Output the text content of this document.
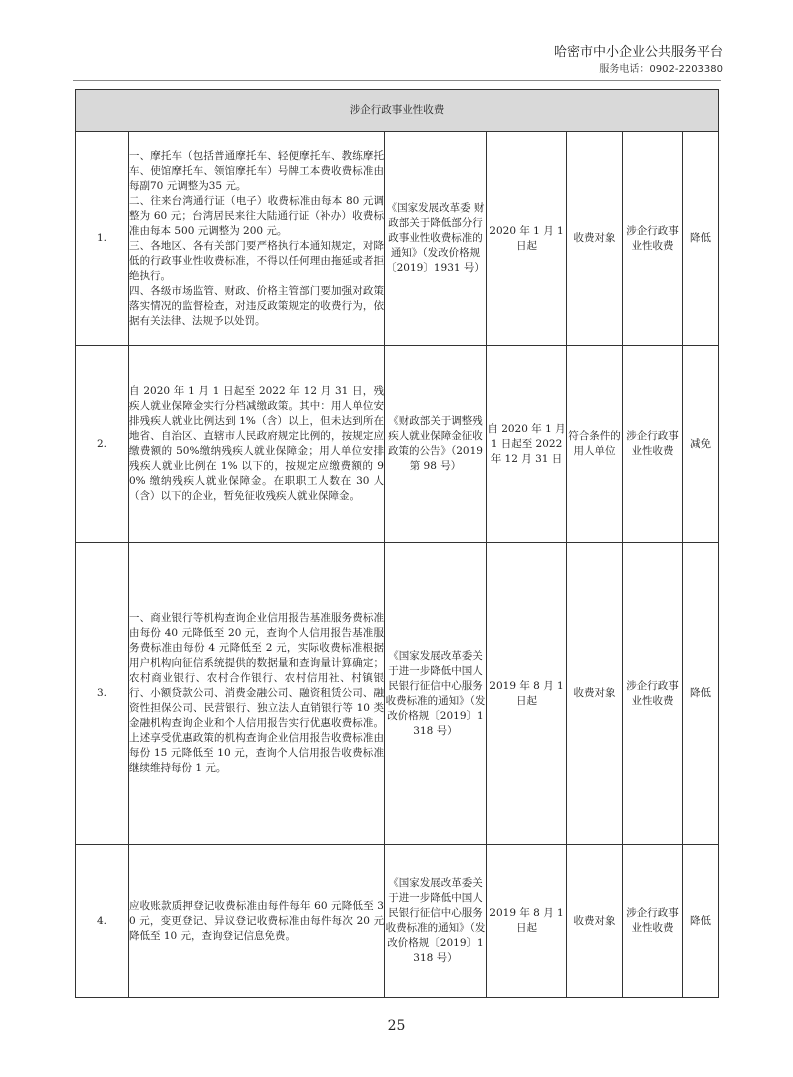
哈密市中小企业公共服务平台
服务电话：0902-2203380
涉企行政事业性收费						
1.	一、摩托车（包括普通摩托车、轻便摩托车、教练摩托车、使馆摩托车、领馆摩托车）号牌工本费收费标准由每副70 元调整为35 元。
二、往来台湾通行证（电子）收费标准由每本 80 元调整为 60 元；台湾居民来往大陆通行证（补办）收费标准由每本 500 元调整为 200 元。
三、各地区、各有关部门要严格执行本通知规定，对降低的行政事业性收费标准，不得以任何理由拖延或者拒绝执行。
四、各级市场监管、财政、价格主管部门要加强对政策落实情况的监督检查，对违反政策规定的收费行为，依据有关法律、法规予以处罚。	《国家发展改革委 财政部关于降低部分行政事业性收费标准的通知》（发改价格规〔2019〕1931 号）	2020 年 1 月 1 日起	收费对象	涉企行政事业性收费	降低
2.	自 2020 年 1 月 1 日起至 2022 年 12 月 31 日，残疾人就业保障金实行分档减缴政策。其中：用人单位安排残疾人就业比例达到 1%（含）以上，但未达到所在地省、自治区、直辖市人民政府规定比例的，按规定应缴费额的 50%缴纳残疾人就业保障金；用人单位安排残疾人就业比例在 1% 以下的，按规定应缴费额的 90% 缴纳残疾人就业保障金。在职职工人数在 30 人（含）以下的企业，暂免征收残疾人就业保障金。	《财政部关于调整残疾人就业保障金征收政策的公告》（2019 第 98 号）	自 2020 年 1 月 1 日起至 2022 年 12 月 31 日	符合条件的用人单位	涉企行政事业性收费	减免
3.	一、商业银行等机构查询企业信用报告基准服务费标准由每份 40 元降低至 20 元，查询个人信用报告基准服务费标准由每份 4 元降低至 2 元，实际收费标准根据用户机构向征信系统提供的数据量和查询量计算确定；农村商业银行、农村合作银行、农村信用社、村镇银行、小额贷款公司、消费金融公司、融资租赁公司、融资性担保公司、民营银行、独立法人直销银行等 10 类金融机构查询企业和个人信用报告实行优惠收费标准。上述享受优惠政策的机构查询企业信用报告收费标准由每份 15 元降低至 10 元，查询个人信用报告收费标准继续维持每份 1 元。	《国家发展改革委关于进一步降低中国人民银行征信中心服务收费标准的通知》（发改价格规〔2019〕1318 号）	2019 年 8 月 1 日起	收费对象	涉企行政事业性收费	降低
4.	应收账款质押登记收费标准由每件每年 60 元降低至 30 元，变更登记、异议登记收费标准由每件每次 20 元降低至 10 元，查询登记信息免费。	《国家发展改革委关于进一步降低中国人民银行征信中心服务收费标准的通知》（发改价格规〔2019〕1318 号）	2019 年 8 月 1 日起	收费对象	涉企行政事业性收费	降低
25
